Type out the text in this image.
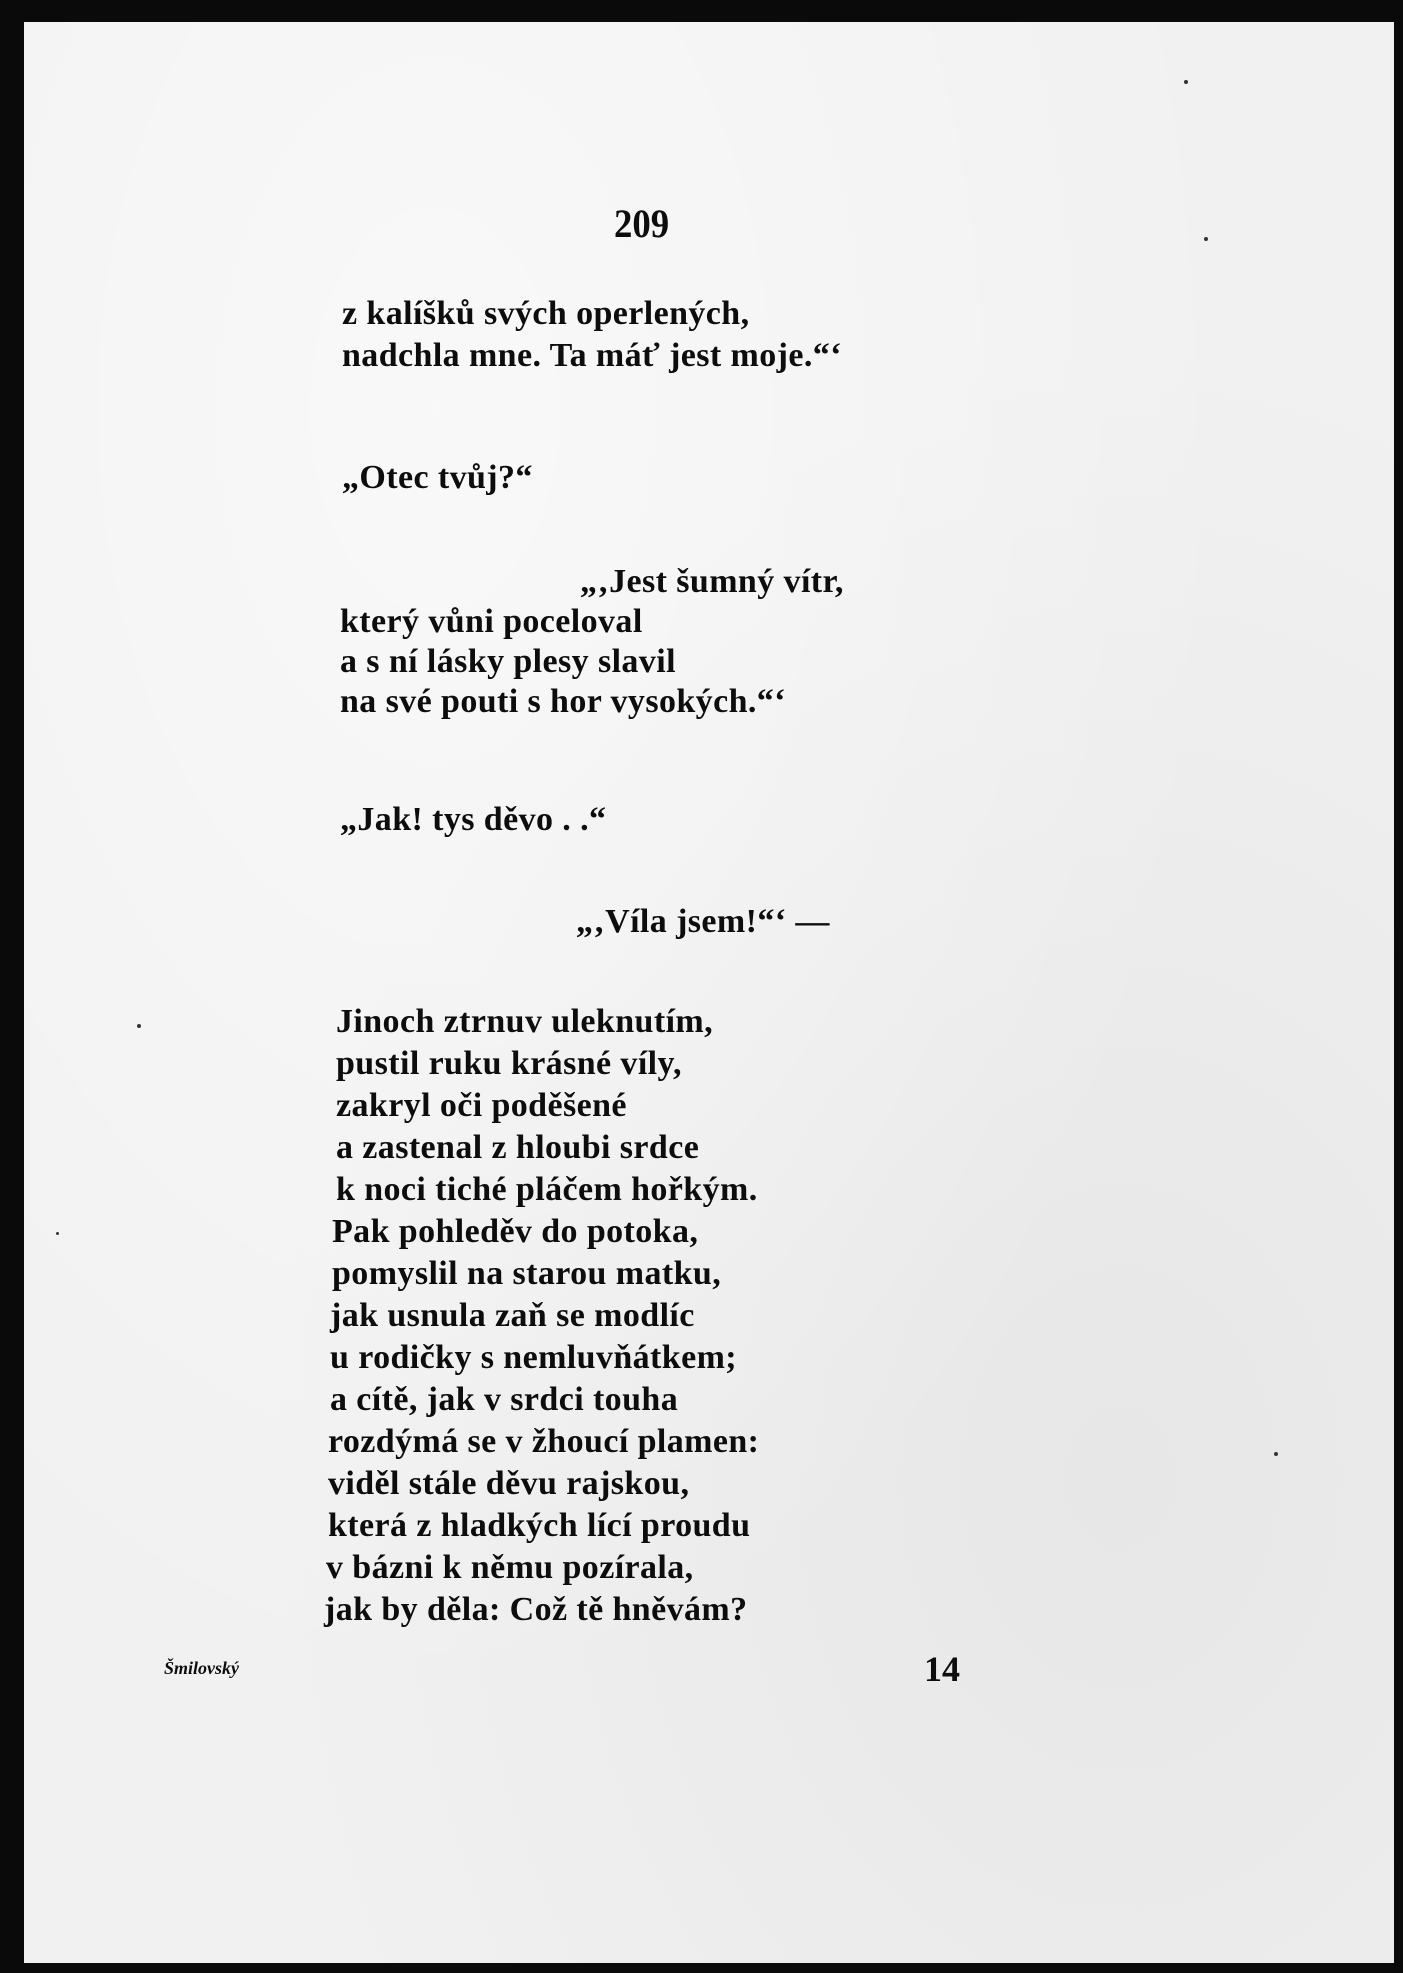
209
z kalíšků svých operlených,
nadchla mne. Ta máť jest moje.“‘
„Otec tvůj?“
„‚Jest šumný vítr,
který vůni poceloval
a s ní lásky plesy slavil
na své pouti s hor vysokých.“‘
„Jak! tys děvo . .“
„‚Víla jsem!“‘ —
Jinoch ztrnuv uleknutím,
pustil ruku krásné víly,
zakryl oči poděšené
a zastenal z hloubi srdce
k noci tiché pláčem hořkým.
Pak pohleděv do potoka,
pomyslil na starou matku,
jak usnula zaň se modlíc
u rodičky s nemluvňátkem;
a cítě, jak v srdci touha
rozdýmá se v žhoucí plamen:
viděl stále děvu rajskou,
která z hladkých lící proudu
v bázni k němu pozírala,
jak by děla: Což tě hněvám?
Šmilovský	14
